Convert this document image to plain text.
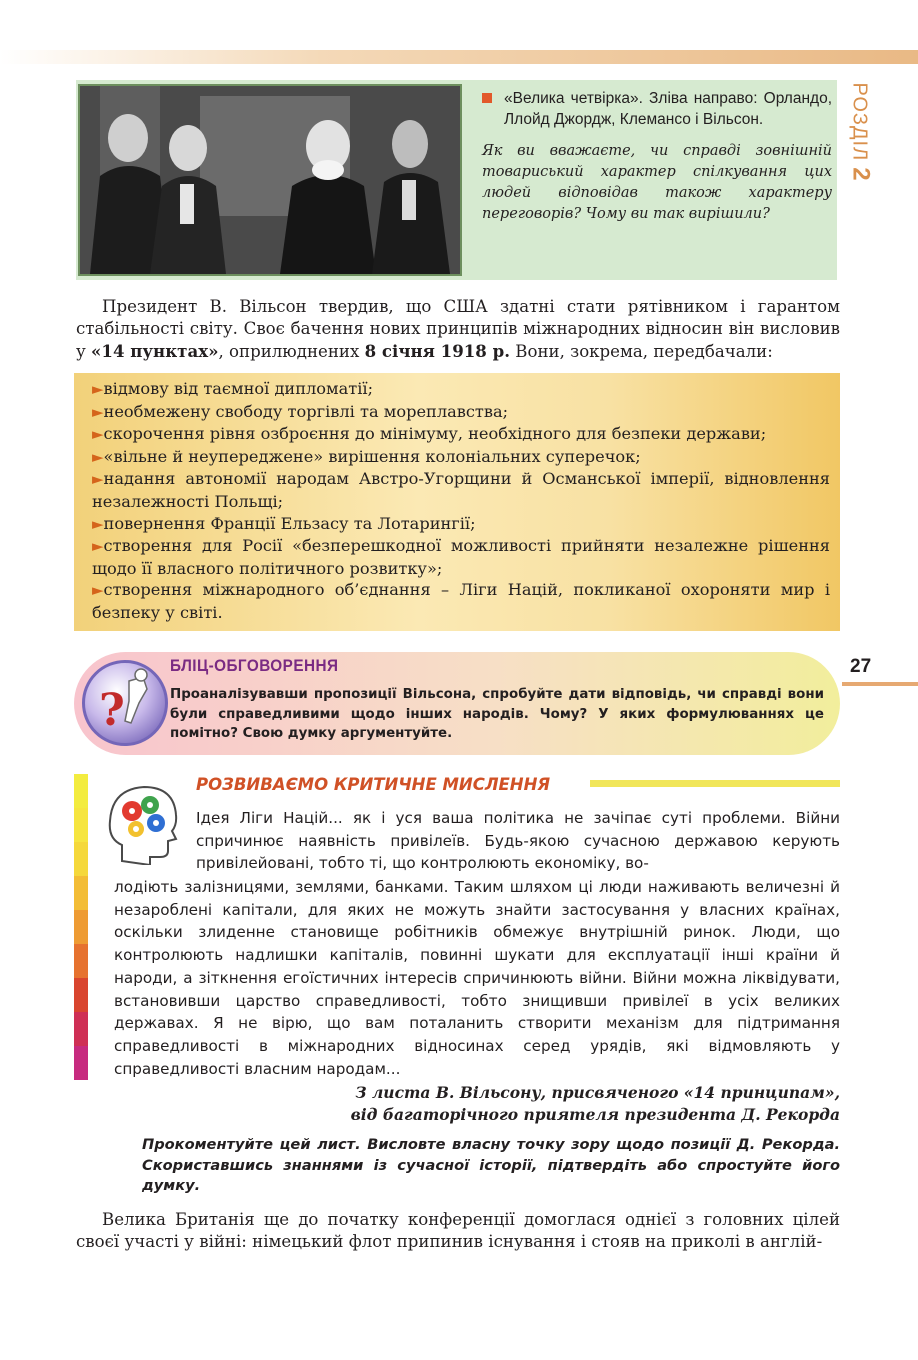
РОЗДІЛ2
«Велика четвірка». Зліва направо: Орландо, Ллойд Джордж, Клемансо і Вільсон.
Як ви вважаєте, чи справді зовнішній товариський характер спілкування цих людей відповідав також характеру переговорів? Чому ви так вирішили?
Президент В. Вільсон твердив, що США здатні стати рятівником і гарантом стабільності світу. Своє бачення нових принципів міжнародних відносин він висловив у «14 пунктах», оприлюднених 8 січня 1918 р. Вони, зокрема, передбачали:
►відмову від таємної дипломатії;
►необмежену свободу торгівлі та мореплавства;
►скорочення рівня озброєння до мінімуму, необхідного для безпеки держави;
►«вільне й неупереджене» вирішення колоніальних суперечок;
►надання автономії народам Австро-Угорщини й Османської імперії, відновлення незалежності Польщі;
►повернення Франції Ельзасу та Лотарингії;
►створення для Росії «безперешкодної можливості прийняти незалежне рішення щодо її власного політичного розвитку»;
►створення міжнародного об’єднання – Ліги Націй, покликаної охороняти мир і безпеку у світі.
27
?
БЛІЦ-ОБГОВОРЕННЯ
Проаналізувавши пропозиції Вільсона, спробуйте дати відповідь, чи справді вони були справедливими щодо інших народів. Чому? У яких формулюваннях це помітно? Свою думку аргументуйте.
РОЗВИВАЄМО КРИТИЧНЕ МИСЛЕННЯ
Ідея Ліги Націй... як і уся ваша політика не зачіпає суті проблеми. Війни спричинює наявність привілеїв. Будь-якою сучасною державою керують привілейовані, тобто ті, що контролюють економіку, во-
лодіють залізницями, землями, банками. Таким шляхом ці люди наживають величезні й незароблені капітали, для яких не можуть знайти застосування у власних країнах, оскільки злиденне становище робітників обмежує внутрішній ринок. Люди, що контролюють надлишки капіталів, повинні шукати для експлуатації інші країни й народи, а зіткнення егоїстичних інтересів спричинюють війни. Війни можна ліквідувати, встановивши царство справедливості, тобто знищивши привілеї в усіх великих державах. Я не вірю, що вам поталанить створити механізм для підтримання справедливості в міжнародних відносинах серед урядів, які відмовляють у справедливості власним народам...
З листа В. Вільсону, присвяченого «14 принципам»,
від багаторічного приятеля президента Д. Рекорда
Прокоментуйте цей лист. Висловте власну точку зору щодо позиції Д. Рекорда. Скориставшись знаннями із сучасної історії, підтвердіть або спростуйте його думку.
Велика Британія ще до початку конференції домоглася однієї з головних цілей своєї участі у війні: німецький флот припинив існування і стояв на приколі в англій-
